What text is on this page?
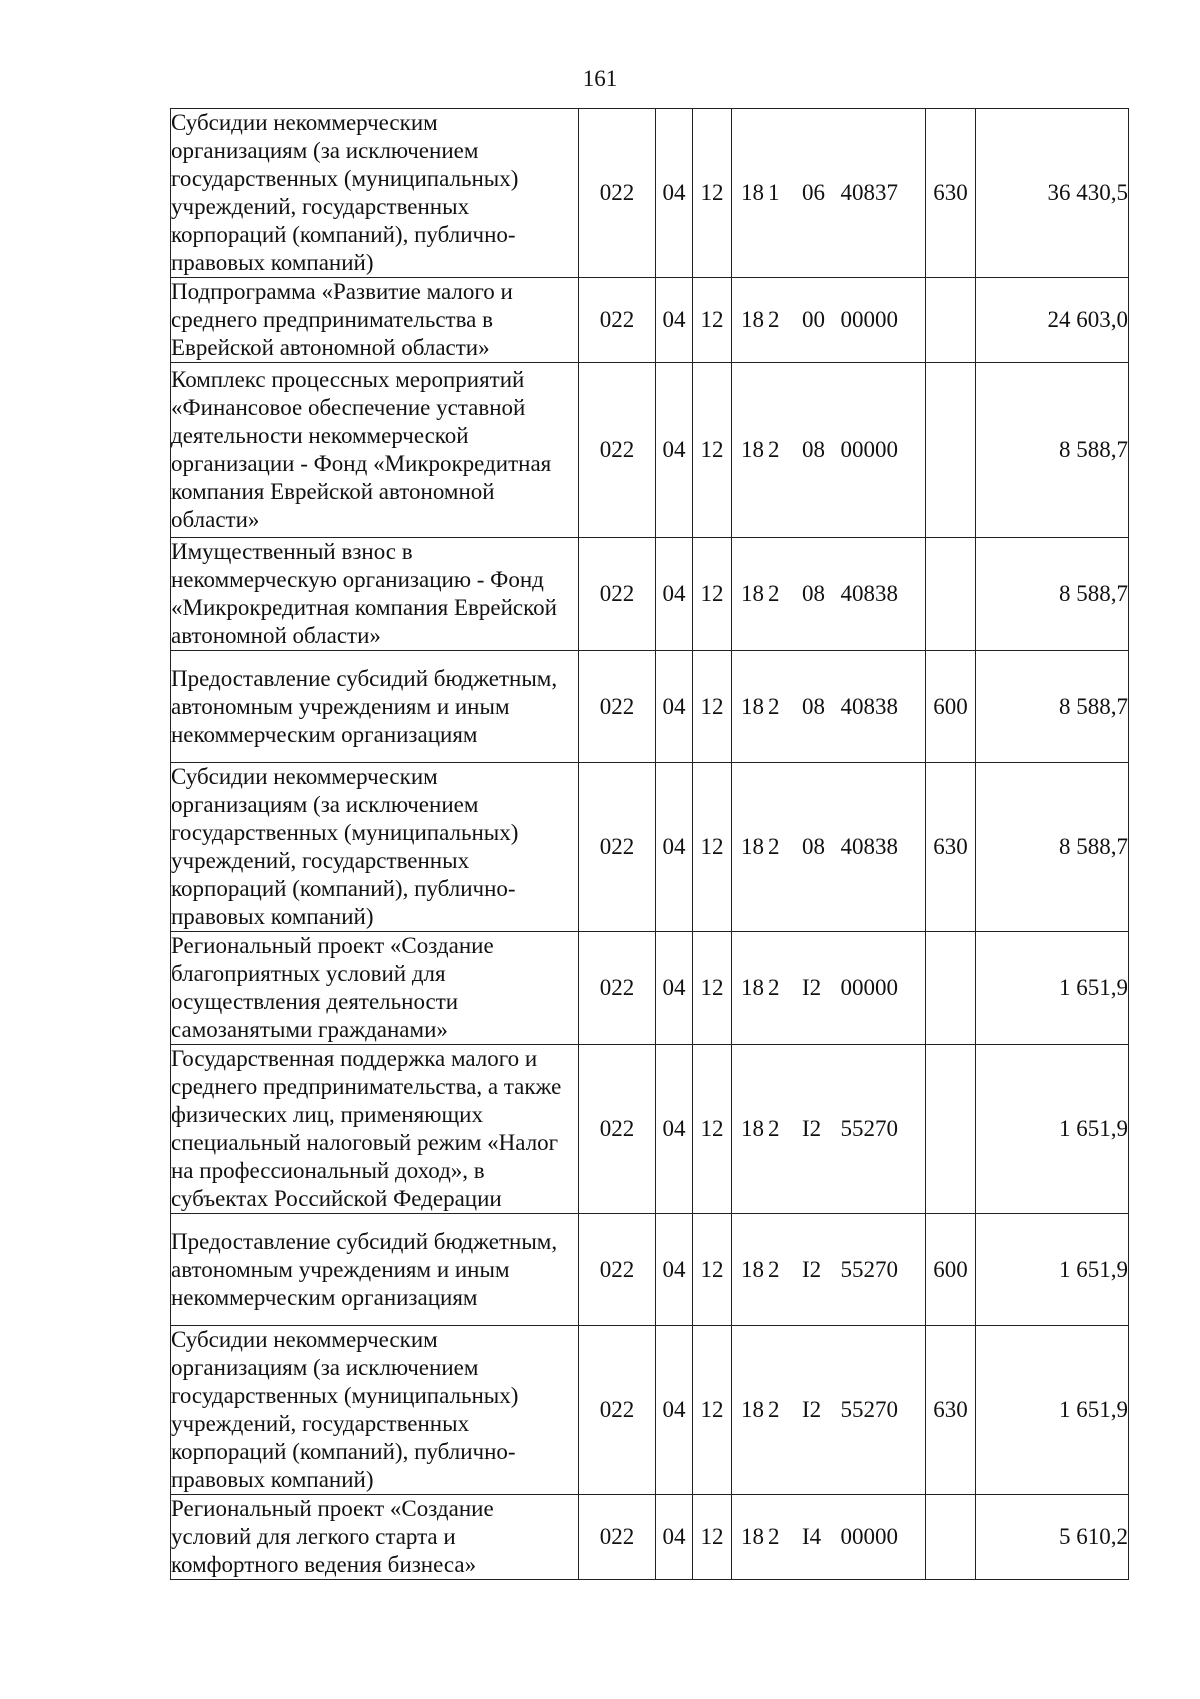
161
Субсидии некоммерческим организациям (за исключением государственных (муниципальных) учреждений, государственных корпораций (компаний), публично-правовых компаний)	022	04	12	18 1 06 40837	630	36 430,5
Подпрограмма «Развитие малого и среднего предпринимательства в Еврейской автономной области»	022	04	12	18 2 00 00000		24 603,0
Комплекс процессных мероприятий «Финансовое обеспечение уставной деятельности некоммерческой организации - Фонд «Микрокредитная компания Еврейской автономной области»	022	04	12	18 2 08 00000		8 588,7
Имущественный взнос в некоммерческую организацию - Фонд «Микрокредитная компания Еврейской автономной области»	022	04	12	18 2 08 40838		8 588,7
Предоставление субсидий бюджетным, автономным учреждениям и иным некоммерческим организациям	022	04	12	18 2 08 40838	600	8 588,7
Субсидии некоммерческим организациям (за исключением государственных (муниципальных) учреждений, государственных корпораций (компаний), публично-правовых компаний)	022	04	12	18 2 08 40838	630	8 588,7
Региональный проект «Создание благоприятных условий для осуществления деятельности самозанятыми гражданами»	022	04	12	18 2 I2 00000		1 651,9
Государственная поддержка малого и среднего предпринимательства, а также физических лиц, применяющих специальный налоговый режим «Налог на профессиональный доход», в субъектах Российской Федерации	022	04	12	18 2 I2 55270		1 651,9
Предоставление субсидий бюджетным, автономным учреждениям и иным некоммерческим организациям	022	04	12	18 2 I2 55270	600	1 651,9
Субсидии некоммерческим организациям (за исключением государственных (муниципальных) учреждений, государственных корпораций (компаний), публично-правовых компаний)	022	04	12	18 2 I2 55270	630	1 651,9
Региональный проект «Создание условий для легкого старта и комфортного ведения бизнеса»	022	04	12	18 2 I4 00000		5 610,2
